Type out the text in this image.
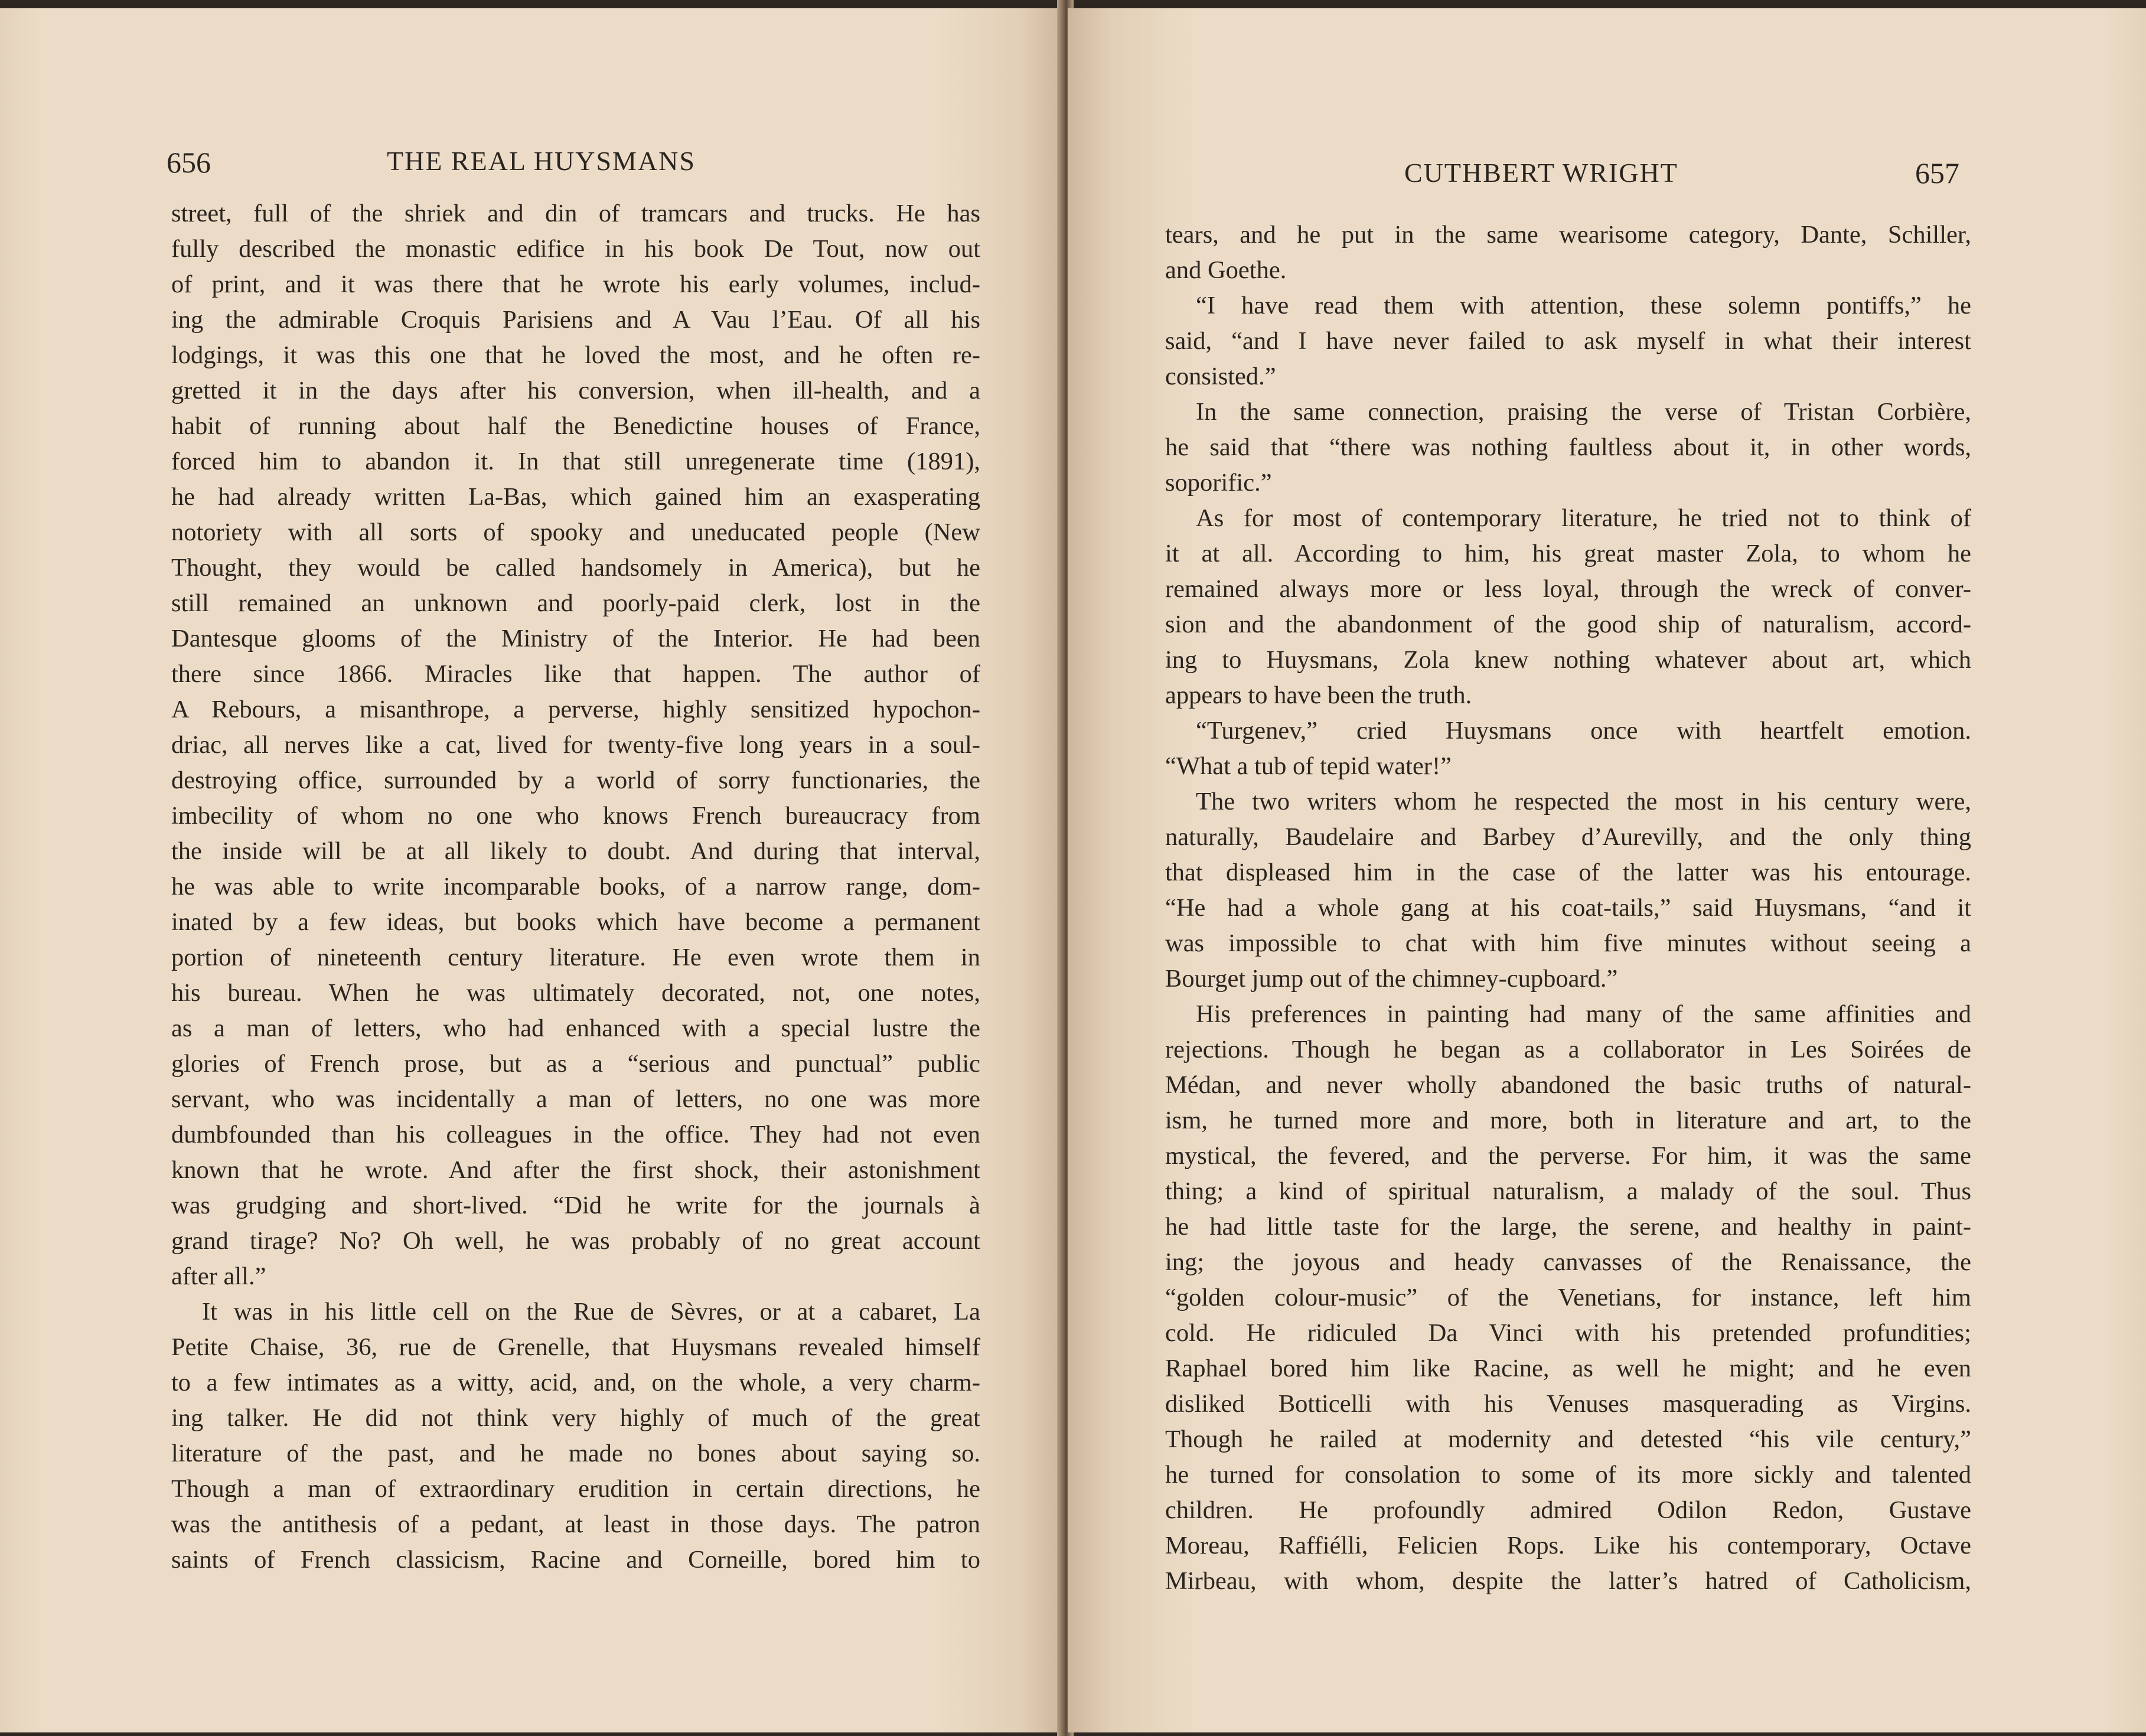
656	THE REAL HUYSMANS
street, full of the shriek and din of tramcars and trucks. He has
fully described the monastic edifice in his book De Tout, now out
of print, and it was there that he wrote his early volumes, includ-
ing the admirable Croquis Parisiens and A Vau l’Eau. Of all his
lodgings, it was this one that he loved the most, and he often re-
gretted it in the days after his conversion, when ill-health, and a
habit of running about half the Benedictine houses of France,
forced him to abandon it. In that still unregenerate time (1891),
he had already written La-Bas, which gained him an exasperating
notoriety with all sorts of spooky and uneducated people (New
Thought, they would be called handsomely in America), but he
still remained an unknown and poorly-paid clerk, lost in the
Dantesque glooms of the Ministry of the Interior. He had been
there since 1866. Miracles like that happen. The author of
A Rebours, a misanthrope, a perverse, highly sensitized hypochon-
driac, all nerves like a cat, lived for twenty-five long years in a soul-
destroying office, surrounded by a world of sorry functionaries, the
imbecility of whom no one who knows French bureaucracy from
the inside will be at all likely to doubt. And during that interval,
he was able to write incomparable books, of a narrow range, dom-
inated by a few ideas, but books which have become a permanent
portion of nineteenth century literature. He even wrote them in
his bureau. When he was ultimately decorated, not, one notes,
as a man of letters, who had enhanced with a special lustre the
glories of French prose, but as a “serious and punctual” public
servant, who was incidentally a man of letters, no one was more
dumbfounded than his colleagues in the office. They had not even
known that he wrote. And after the first shock, their astonishment
was grudging and short-lived. “Did he write for the journals à
grand tirage? No? Oh well, he was probably of no great account
after all.”
It was in his little cell on the Rue de Sèvres, or at a cabaret, La
Petite Chaise, 36, rue de Grenelle, that Huysmans revealed himself
to a few intimates as a witty, acid, and, on the whole, a very charm-
ing talker. He did not think very highly of much of the great
literature of the past, and he made no bones about saying so.
Though a man of extraordinary erudition in certain directions, he
was the antithesis of a pedant, at least in those days. The patron
saints of French classicism, Racine and Corneille, bored him to
CUTHBERT WRIGHT	657
tears, and he put in the same wearisome category, Dante, Schiller,
and Goethe.
“I have read them with attention, these solemn pontiffs,” he
said, “and I have never failed to ask myself in what their interest
consisted.”
In the same connection, praising the verse of Tristan Corbière,
he said that “there was nothing faultless about it, in other words,
soporific.”
As for most of contemporary literature, he tried not to think of
it at all. According to him, his great master Zola, to whom he
remained always more or less loyal, through the wreck of conver-
sion and the abandonment of the good ship of naturalism, accord-
ing to Huysmans, Zola knew nothing whatever about art, which
appears to have been the truth.
“Turgenev,” cried Huysmans once with heartfelt emotion.
“What a tub of tepid water!”
The two writers whom he respected the most in his century were,
naturally, Baudelaire and Barbey d’Aurevilly, and the only thing
that displeased him in the case of the latter was his entourage.
“He had a whole gang at his coat-tails,” said Huysmans, “and it
was impossible to chat with him five minutes without seeing a
Bourget jump out of the chimney-cupboard.”
His preferences in painting had many of the same affinities and
rejections. Though he began as a collaborator in Les Soirées de
Médan, and never wholly abandoned the basic truths of natural-
ism, he turned more and more, both in literature and art, to the
mystical, the fevered, and the perverse. For him, it was the same
thing; a kind of spiritual naturalism, a malady of the soul. Thus
he had little taste for the large, the serene, and healthy in paint-
ing; the joyous and heady canvasses of the Renaissance, the
“golden colour-music” of the Venetians, for instance, left him
cold. He ridiculed Da Vinci with his pretended profundities;
Raphael bored him like Racine, as well he might; and he even
disliked Botticelli with his Venuses masquerading as Virgins.
Though he railed at modernity and detested “his vile century,”
he turned for consolation to some of its more sickly and talented
children. He profoundly admired Odilon Redon, Gustave
Moreau, Raffiélli, Felicien Rops. Like his contemporary, Octave
Mirbeau, with whom, despite the latter’s hatred of Catholicism,
